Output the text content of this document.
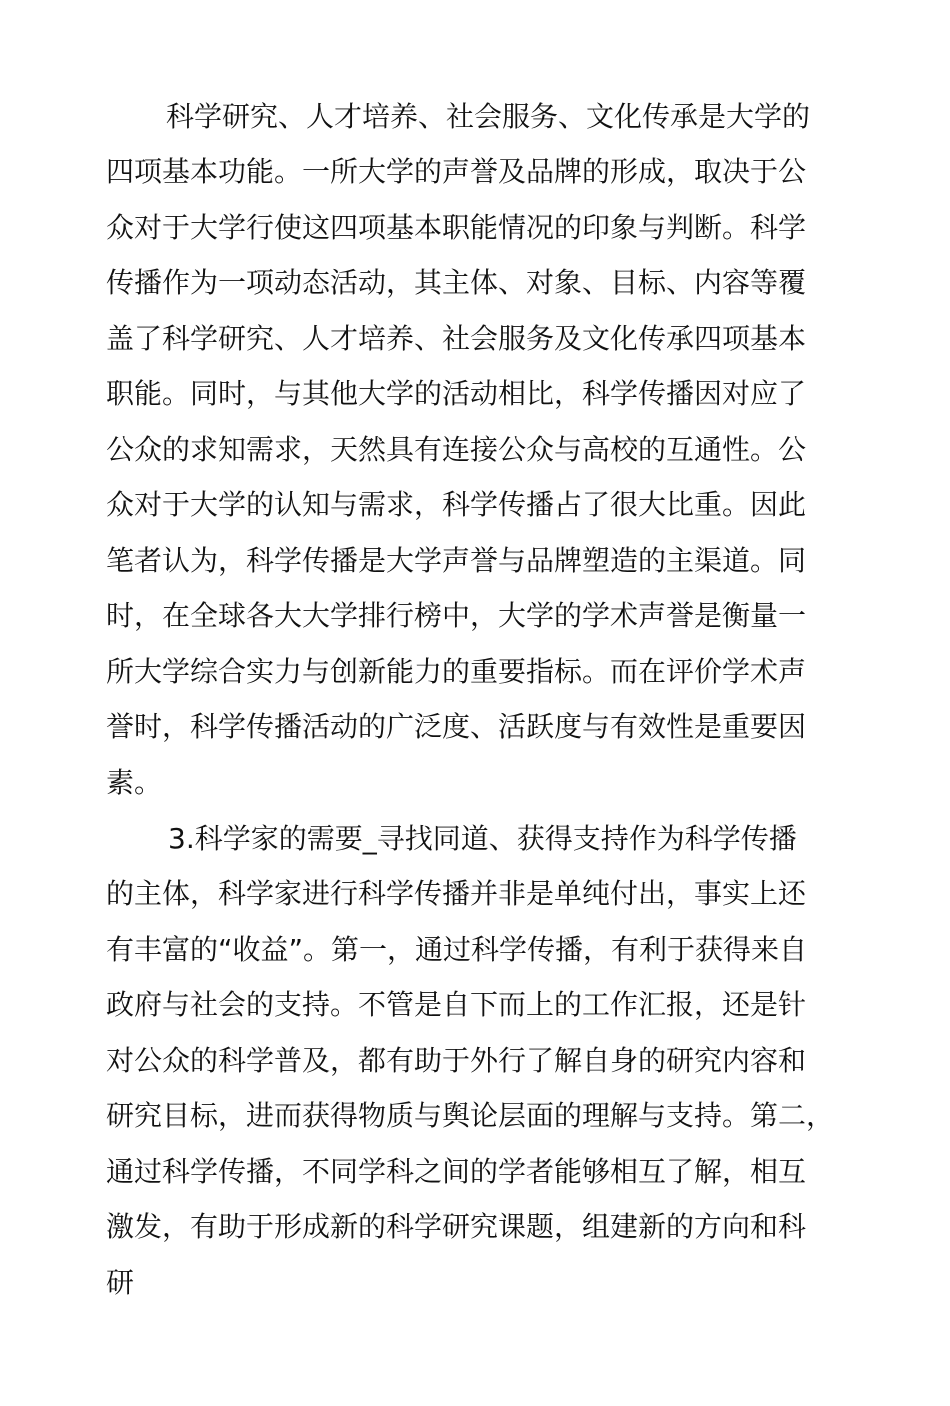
科学研究、人才培养、社会服务、文化传承是大学的
四项基本功能。一所大学的声誉及品牌的形成，取决于公
众对于大学行使这四项基本职能情况的印象与判断。科学
传播作为一项动态活动，其主体、对象、目标、内容等覆
盖了科学研究、人才培养、社会服务及文化传承四项基本
职能。同时，与其他大学的活动相比，科学传播因对应了
公众的求知需求，天然具有连接公众与高校的互通性。公
众对于大学的认知与需求，科学传播占了很大比重。因此
笔者认为，科学传播是大学声誉与品牌塑造的主渠道。同
时，在全球各大大学排行榜中，大学的学术声誉是衡量一
所大学综合实力与创新能力的重要指标。而在评价学术声
誉时，科学传播活动的广泛度、活跃度与有效性是重要因
素。
3.科学家的需要_寻找同道、获得支持作为科学传播
的主体，科学家进行科学传播并非是单纯付出，事实上还
有丰富的“收益”。第一，通过科学传播，有利于获得来自
政府与社会的支持。不管是自下而上的工作汇报，还是针
对公众的科学普及，都有助于外行了解自身的研究内容和
研究目标，进而获得物质与舆论层面的理解与支持。第二，
通过科学传播，不同学科之间的学者能够相互了解，相互
激发，有助于形成新的科学研究课题，组建新的方向和科
研
